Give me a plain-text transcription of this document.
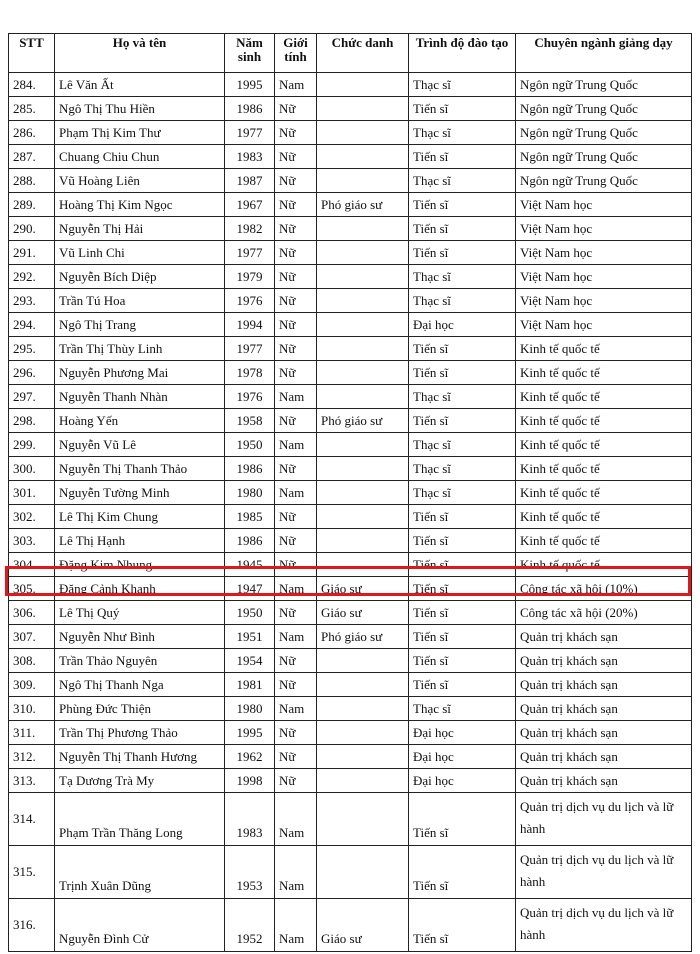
STT	Họ và tên	Năm sinh	Giới tính	Chức danh	Trình độ đào tạo	Chuyên ngành giảng dạy
284.	Lê Văn Ất	1995	Nam		Thạc sĩ	Ngôn ngữ Trung Quốc
285.	Ngô Thị Thu Hiền	1986	Nữ		Tiến sĩ	Ngôn ngữ Trung Quốc
286.	Phạm Thị Kim Thư	1977	Nữ		Thạc sĩ	Ngôn ngữ Trung Quốc
287.	Chuang Chiu Chun	1983	Nữ		Tiến sĩ	Ngôn ngữ Trung Quốc
288.	Vũ Hoàng Liên	1987	Nữ		Thạc sĩ	Ngôn ngữ Trung Quốc
289.	Hoàng Thị Kim Ngọc	1967	Nữ	Phó giáo sư	Tiến sĩ	Việt Nam học
290.	Nguyễn Thị Hải	1982	Nữ		Tiến sĩ	Việt Nam học
291.	Vũ Linh Chi	1977	Nữ		Tiến sĩ	Việt Nam học
292.	Nguyễn Bích Diệp	1979	Nữ		Thạc sĩ	Việt Nam học
293.	Trần Tú Hoa	1976	Nữ		Thạc sĩ	Việt Nam học
294.	Ngô Thị Trang	1994	Nữ		Đại học	Việt Nam học
295.	Trần Thị Thùy Linh	1977	Nữ		Tiến sĩ	Kinh tế quốc tế
296.	Nguyễn Phương Mai	1978	Nữ		Tiến sĩ	Kinh tế quốc tế
297.	Nguyễn Thanh Nhàn	1976	Nam		Thạc sĩ	Kinh tế quốc tế
298.	Hoàng Yến	1958	Nữ	Phó giáo sư	Tiến sĩ	Kinh tế quốc tế
299.	Nguyễn Vũ Lê	1950	Nam		Thạc sĩ	Kinh tế quốc tế
300.	Nguyễn Thị Thanh Thảo	1986	Nữ		Thạc sĩ	Kinh tế quốc tế
301.	Nguyễn Tường Minh	1980	Nam		Thạc sĩ	Kinh tế quốc tế
302.	Lê Thị Kim Chung	1985	Nữ		Tiến sĩ	Kinh tế quốc tế
303.	Lê Thị Hạnh	1986	Nữ		Tiến sĩ	Kinh tế quốc tế
304.	Đặng Kim Nhung	1945	Nữ		Tiến sĩ	Kinh tế quốc tế
305.	Đặng Cảnh Khanh	1947	Nam	Giáo sư	Tiến sĩ	Công tác xã hội (10%)
306.	Lê Thị Quý	1950	Nữ	Giáo sư	Tiến sĩ	Công tác xã hội (20%)
307.	Nguyễn Như Bình	1951	Nam	Phó giáo sư	Tiến sĩ	Quản trị khách sạn
308.	Trần Thảo Nguyên	1954	Nữ		Tiến sĩ	Quản trị khách sạn
309.	Ngô Thị Thanh Nga	1981	Nữ		Tiến sĩ	Quản trị khách sạn
310.	Phùng Đức Thiện	1980	Nam		Thạc sĩ	Quản trị khách sạn
311.	Trần Thị Phương Thảo	1995	Nữ		Đại học	Quản trị khách sạn
312.	Nguyễn Thị Thanh Hương	1962	Nữ		Đại học	Quản trị khách sạn
313.	Tạ Dương Trà My	1998	Nữ		Đại học	Quản trị khách sạn
314.	Phạm Trần Thăng Long	1983	Nam		Tiến sĩ	Quản trị dịch vụ du lịch và lữ hành
315.	Trịnh Xuân Dũng	1953	Nam		Tiến sĩ	Quản trị dịch vụ du lịch và lữ hành
316.	Nguyễn Đình Cử	1952	Nam	Giáo sư	Tiến sĩ	Quản trị dịch vụ du lịch và lữ hành
